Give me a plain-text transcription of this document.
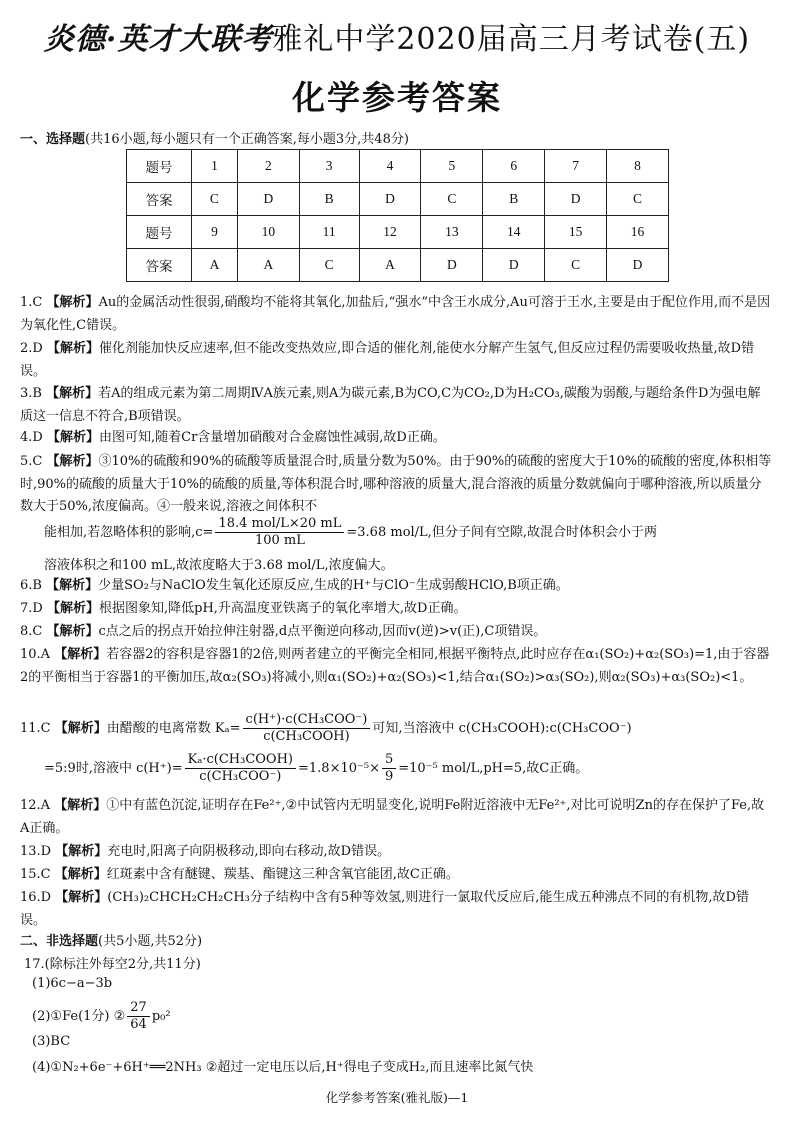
炎德·英才大联考雅礼中学2020届高三月考试卷(五)
化学参考答案
一、选择题(共16小题,每小题只有一个正确答案,每小题3分,共48分)
题号	1	2	3	4	5	6	7	8
答案	C	D	B	D	C	B	D	C
题号	9	10	11	12	13	14	15	16
答案	A	A	C	A	D	D	C	D
1.C 【解析】Au的金属活动性很弱,硝酸均不能将其氧化,加盐后,“强水”中含王水成分,Au可溶于王水,主要是由于配位作用,而不是因为氧化性,C错误。
2.D 【解析】催化剂能加快反应速率,但不能改变热效应,即合适的催化剂,能使水分解产生氢气,但反应过程仍需要吸收热量,故D错误。
3.B 【解析】若A的组成元素为第二周期ⅣA族元素,则A为碳元素,B为CO,C为CO₂,D为H₂CO₃,碳酸为弱酸,与题给条件D为强电解质这一信息不符合,B项错误。
4.D 【解析】由图可知,随着Cr含量增加硝酸对合金腐蚀性减弱,故D正确。
5.C 【解析】③10%的硫酸和90%的硫酸等质量混合时,质量分数为50%。由于90%的硫酸的密度大于10%的硫酸的密度,体积相等时,90%的硫酸的质量大于10%的硫酸的质量,等体积混合时,哪种溶液的质量大,混合溶液的质量分数就偏向于哪种溶液,所以质量分数大于50%,浓度偏高。④一般来说,溶液之间体积不
能相加,若忽略体积的影响$,c= \frac{\text{18.4 mol/L×20 mL}}{100 mL} =3.68$ mol/L,但分子间有空隙,故混合时体积会小于两
溶液体积之和100 mL,故浓度略大于3.68 mol/L,浓度偏大。
6.B 【解析】少量SO₂与NaClO发生氧化还原反应,生成的H⁺与ClO⁻生成弱酸HClO,B项正确。
7.D 【解析】根据图象知,降低pH,升高温度亚铁离子的氧化率增大,故D正确。
8.C 【解析】c点之后的拐点开始拉伸注射器,d点平衡逆向移动,因而v(逆)>v(正),C项错误。
10.A 【解析】若容器2的容积是容器1的2倍,则两者建立的平衡完全相同,根据平衡特点,此时应存在α₁(SO₂)+α₂(SO₃)=1,由于容器2的平衡相当于容器1的平衡加压,故α₂(SO₃)将减小,则α₁(SO₂)+α₂(SO₃)<1,结合α₁(SO₂)>α₃(SO₂),则α₂(SO₃)+α₃(SO₂)<1。
11.C 【解析】由醋酸的电离常数 $K_a= \frac{\text{c(H⁺)·c(CH₃COO⁻)}}{\text{c(CH₃COOH)}}$ 可知,当溶液中 c(CH₃COOH):c(CH₃COO⁻)
=5:9时,溶液中 $c(H^+)= \frac{\text{Kₐ·c(CH₃COOH)}}{\text{c(CH₃COO⁻)}} =1.8\times 10^{-5}\times \frac{5}{9} =10^{-5}$ mol/L,pH=5,故C正确。
12.A 【解析】①中有蓝色沉淀,证明存在Fe²⁺,②中试管内无明显变化,说明Fe附近溶液中无Fe²⁺,对比可说明Zn的存在保护了Fe,故A正确。
13.D 【解析】充电时,阳离子向阴极移动,即向右移动,故D错误。
15.C 【解析】红斑素中含有醚键、羰基、酯键这三种含氧官能团,故C正确。
16.D 【解析】(CH₃)₂CHCH₂CH₂CH₃分子结构中含有5种等效氢,则进行一氯取代反应后,能生成五种沸点不同的有机物,故D错误。
二、非选择题(共5小题,共52分)
17.(除标注外每空2分,共11分)
(1)6c−a−3b
(2)①Fe(1分) ② $\frac{27}{64} p_0^2$
(3)BC
(4)①N₂+6e⁻+6H⁺══2NH₃ ②超过一定电压以后,H⁺得电子变成H₂,而且速率比氮气快
化学参考答案(雅礼版)—1
